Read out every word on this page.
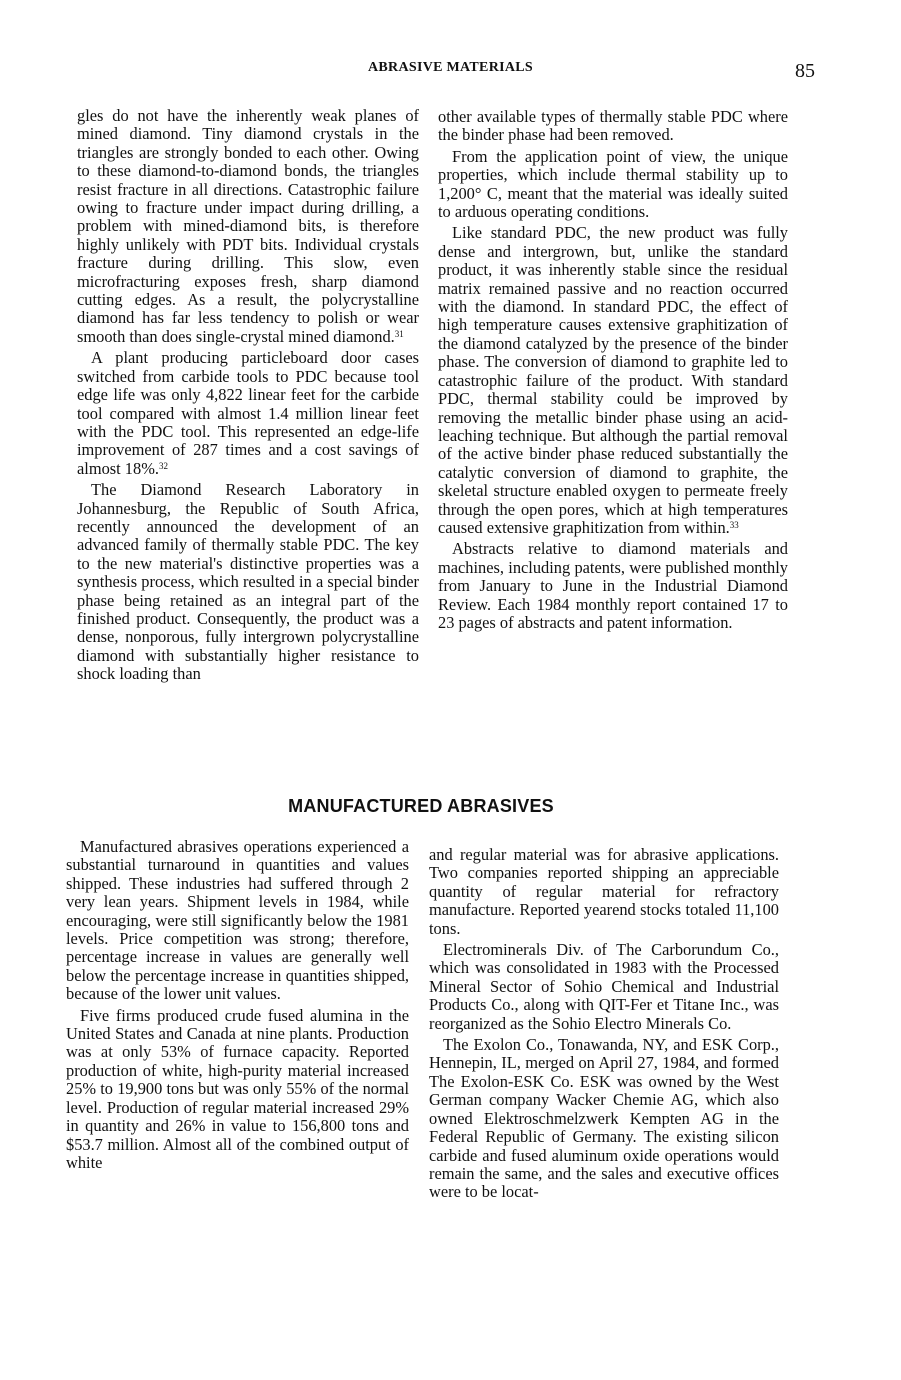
ABRASIVE MATERIALS	85

gles do not have the inherently weak planes of mined diamond. Tiny diamond crystals in the triangles are strongly bonded to each other. Owing to these diamond-to-diamond bonds, the triangles resist fracture in all directions. Catastrophic failure owing to fracture under impact during drilling, a problem with mined-diamond bits, is therefore highly unlikely with PDT bits. Individual crystals fracture during drilling. This slow, even microfracturing exposes fresh, sharp diamond cutting edges. As a result, the polycrystalline diamond has far less tendency to polish or wear smooth than does single-crystal mined diamond.$^{31}$

A plant producing particleboard door cases switched from carbide tools to PDC because tool edge life was only 4,822 linear feet for the carbide tool compared with almost 1.4 million linear feet with the PDC tool. This represented an edge-life improvement of 287 times and a cost savings of almost 18%.$^{32}$

The Diamond Research Laboratory in Johannesburg, the Republic of South Africa, recently announced the development of an advanced family of thermally stable PDC. The key to the new material's distinctive properties was a synthesis process, which resulted in a special binder phase being retained as an integral part of the finished product. Consequently, the product was a dense, nonporous, fully intergrown polycrystalline diamond with substantially higher resistance to shock loading than

other available types of thermally stable PDC where the binder phase had been removed.

From the application point of view, the unique properties, which include thermal stability up to 1,200° C, meant that the material was ideally suited to arduous operating conditions.

Like standard PDC, the new product was fully dense and intergrown, but, unlike the standard product, it was inherently stable since the residual matrix remained passive and no reaction occurred with the diamond. In standard PDC, the effect of high temperature causes extensive graphitization of the diamond catalyzed by the presence of the binder phase. The conversion of diamond to graphite led to catastrophic failure of the product. With standard PDC, thermal stability could be improved by removing the metallic binder phase using an acid-leaching technique. But although the partial removal of the active binder phase reduced substantially the catalytic conversion of diamond to graphite, the skeletal structure enabled oxygen to permeate freely through the open pores, which at high temperatures caused extensive graphitization from within.$^{33}$

Abstracts relative to diamond materials and machines, including patents, were published monthly from January to June in the Industrial Diamond Review. Each 1984 monthly report contained 17 to 23 pages of abstracts and patent information.

MANUFACTURED ABRASIVES

Manufactured abrasives operations experienced a substantial turnaround in quantities and values shipped. These industries had suffered through 2 very lean years. Shipment levels in 1984, while encouraging, were still significantly below the 1981 levels. Price competition was strong; therefore, percentage increase in values are generally well below the percentage increase in quantities shipped, because of the lower unit values.

Five firms produced crude fused alumina in the United States and Canada at nine plants. Production was at only 53% of furnace capacity. Reported production of white, high-purity material increased 25% to 19,900 tons but was only 55% of the normal level. Production of regular material increased 29% in quantity and 26% in value to 156,800 tons and $53.7 million. Almost all of the combined output of white

and regular material was for abrasive applications. Two companies reported shipping an appreciable quantity of regular material for refractory manufacture. Reported yearend stocks totaled 11,100 tons.

Electrominerals Div. of The Carborundum Co., which was consolidated in 1983 with the Processed Mineral Sector of Sohio Chemical and Industrial Products Co., along with QIT-Fer et Titane Inc., was reorganized as the Sohio Electro Minerals Co.

The Exolon Co., Tonawanda, NY, and ESK Corp., Hennepin, IL, merged on April 27, 1984, and formed The Exolon-ESK Co. ESK was owned by the West German company Wacker Chemie AG, which also owned Elektroschmelzwerk Kempten AG in the Federal Republic of Germany. The existing silicon carbide and fused aluminum oxide operations would remain the same, and the sales and executive offices were to be locat-
